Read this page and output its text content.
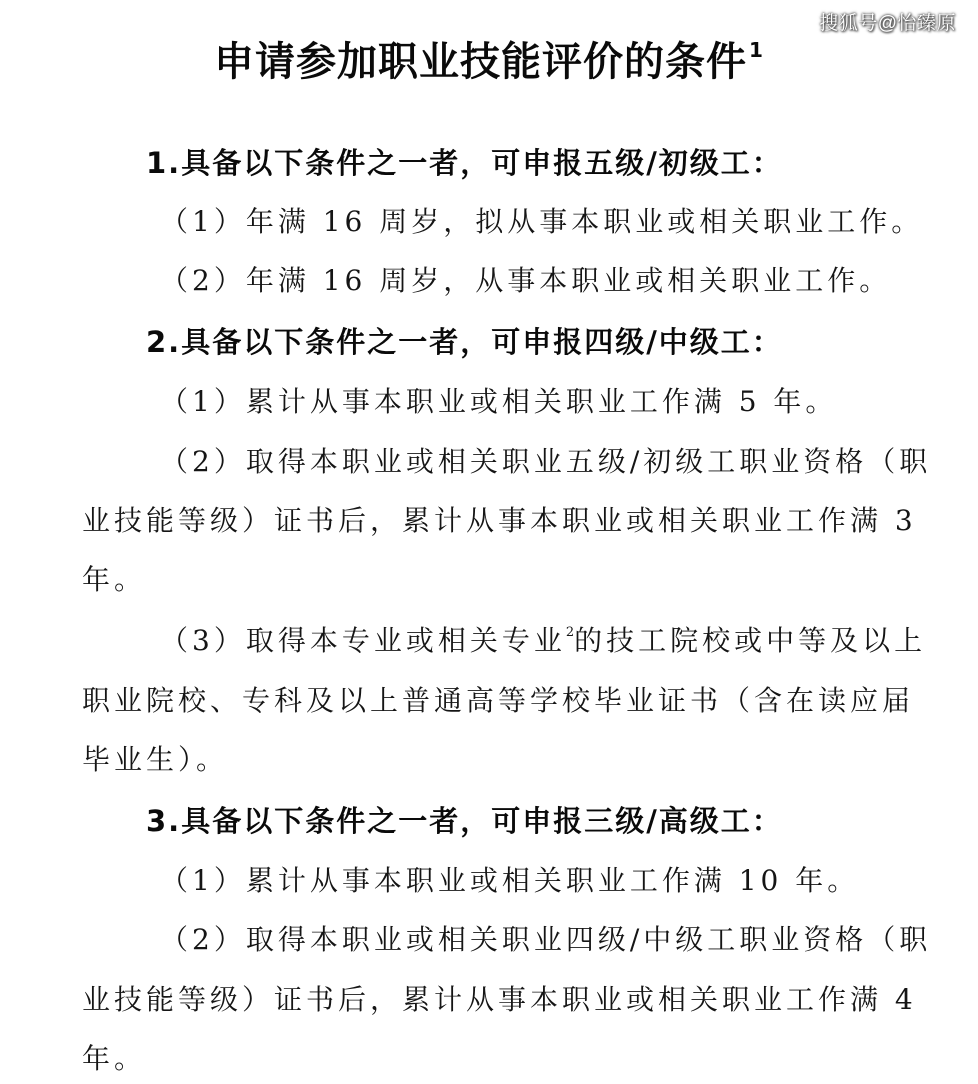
搜狐号@怡臻原
申请参加职业技能评价的条件 $^1$
1.具备以下条件之一者，可申报五级/初级工：
（1）年满 16 周岁，拟从事本职业或相关职业工作。
（2）年满 16 周岁，从事本职业或相关职业工作。
2.具备以下条件之一者，可申报四级/中级工：
（1）累计从事本职业或相关职业工作满 5 年。
（2）取得本职业或相关职业五级/初级工职业资格（职
业技能等级）证书后，累计从事本职业或相关职业工作满 3
年。
（3）取得本专业或相关专业$^2$的技工院校或中等及以上
职业院校、专科及以上普通高等学校毕业证书（含在读应届
毕业生）。
3.具备以下条件之一者，可申报三级/高级工：
（1）累计从事本职业或相关职业工作满 10 年。
（2）取得本职业或相关职业四级/中级工职业资格（职
业技能等级）证书后，累计从事本职业或相关职业工作满 4
年。
